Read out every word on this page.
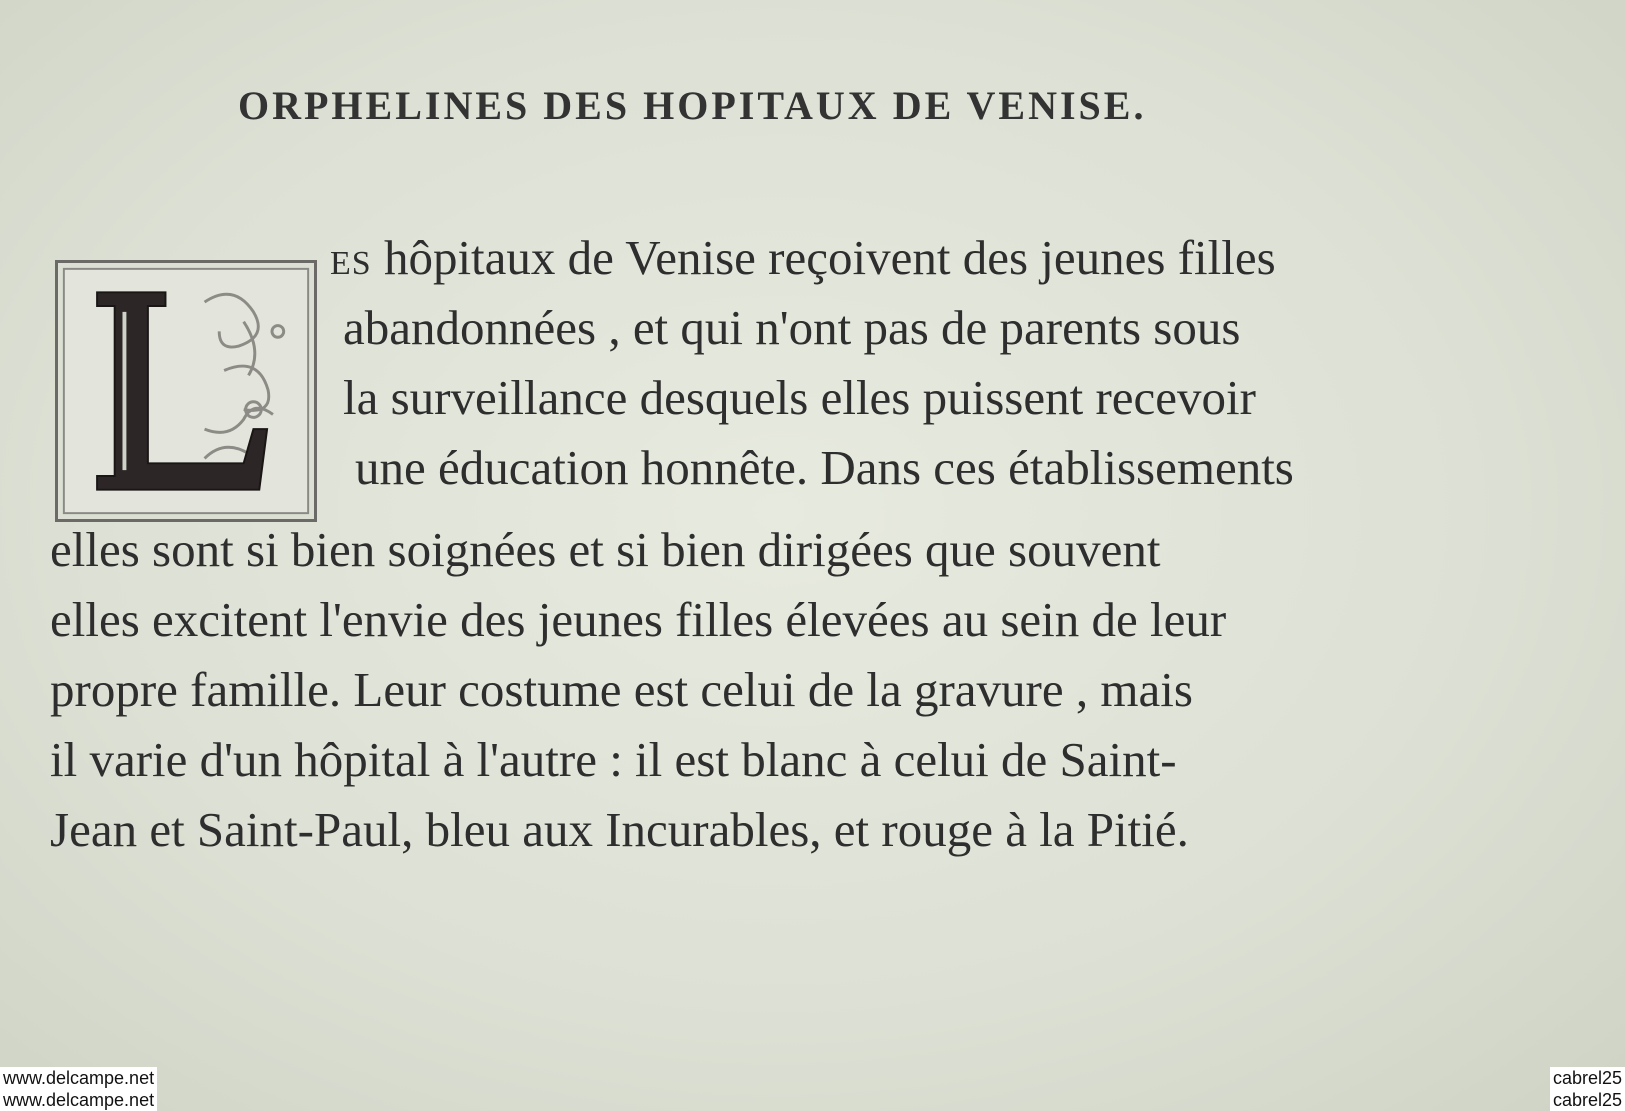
ORPHELINES DES HOPITAUX DE VENISE.
ES hôpitaux de Venise reçoivent des jeunes filles
abandonnées , et qui n'ont pas de parents sous
la surveillance desquels elles puissent recevoir
une éducation honnête. Dans ces établissements
elles sont si bien soignées et si bien dirigées que souvent
elles excitent l'envie des jeunes filles élevées au sein de leur
propre famille. Leur costume est celui de la gravure , mais
il varie d'un hôpital à l'autre : il est blanc à celui de Saint-
Jean et Saint-Paul, bleu aux Incurables, et rouge à la Pitié.
www.delcampe.net
www.delcampe.net
cabrel25
cabrel25
